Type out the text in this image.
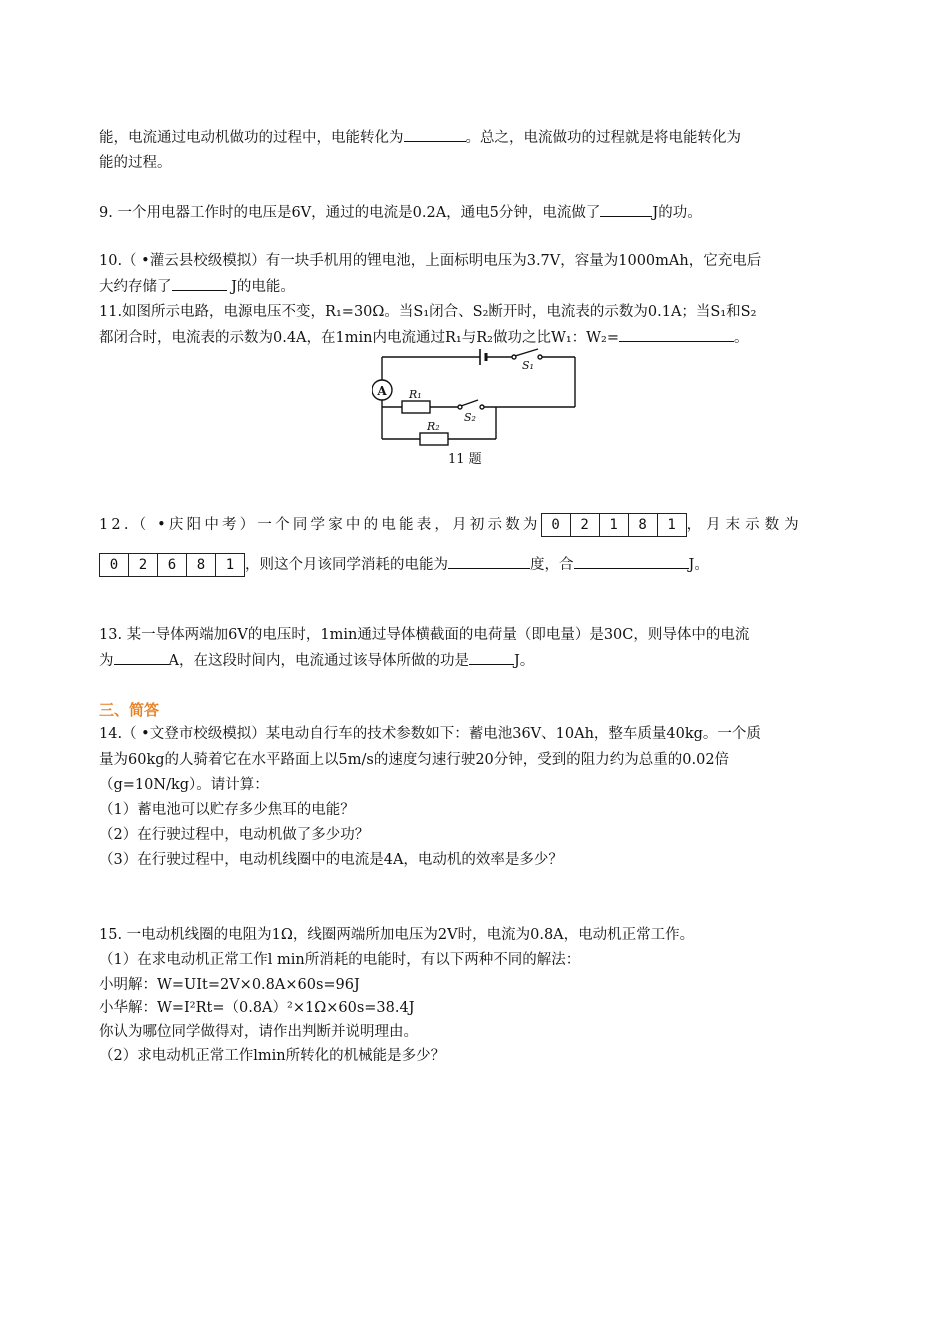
能，电流通过电动机做功的过程中，电能转化为	。总之，电流做功的过程就是将电能转化为
能的过程。
9. 一个用电器工作时的电压是6V，通过的电流是0.2A，通电5分钟，电流做了	J的功。
10.（ •灌云县校级模拟）有一块手机用的锂电池，上面标明电压为3.7V，容量为1000mAh，它充电后
大约存储了	J的电能。
11.如图所示电路，电源电压不变，R₁=30Ω。当S₁闭合、S₂断开时，电流表的示数为0.1A；当S₁和S₂
都闭合时，电流表的示数为0.4A，在1min内电流通过R₁与R₂做功之比W₁：W₂=	。
A R₁
R₂
S₁
S₂
11 题
12.（ •庆阳中考）一个同学家中的电能表，月初示数为 0	2	1	8	1 ，月末示数为
0	2	6	8	1 ，则这个月该同学消耗的电能为	度，合	J。
13. 某一导体两端加6V的电压时，1min通过导体横截面的电荷量（即电量）是30C，则导体中的电流
为	A，在这段时间内，电流通过该导体所做的功是	J。
三、简答
14.（ •文登市校级模拟）某电动自行车的技术参数如下：蓄电池36V、10Ah，整车质量40kg。一个质
量为60kg的人骑着它在水平路面上以5m/s的速度匀速行驶20分钟，受到的阻力约为总重的0.02倍
（g=10N/kg）。请计算：
（1）蓄电池可以贮存多少焦耳的电能？
（2）在行驶过程中，电动机做了多少功？
（3）在行驶过程中，电动机线圈中的电流是4A，电动机的效率是多少？
15. 一电动机线圈的电阻为1Ω，线圈两端所加电压为2V时，电流为0.8A，电动机正常工作。
（1）在求电动机正常工作l min所消耗的电能时，有以下两种不同的解法：
小明解：W=UIt=2V×0.8A×60s=96J
小华解：W=I²Rt=（0.8A）²×1Ω×60s=38.4J
你认为哪位同学做得对，请作出判断并说明理由。
（2）求电动机正常工作lmin所转化的机械能是多少？
